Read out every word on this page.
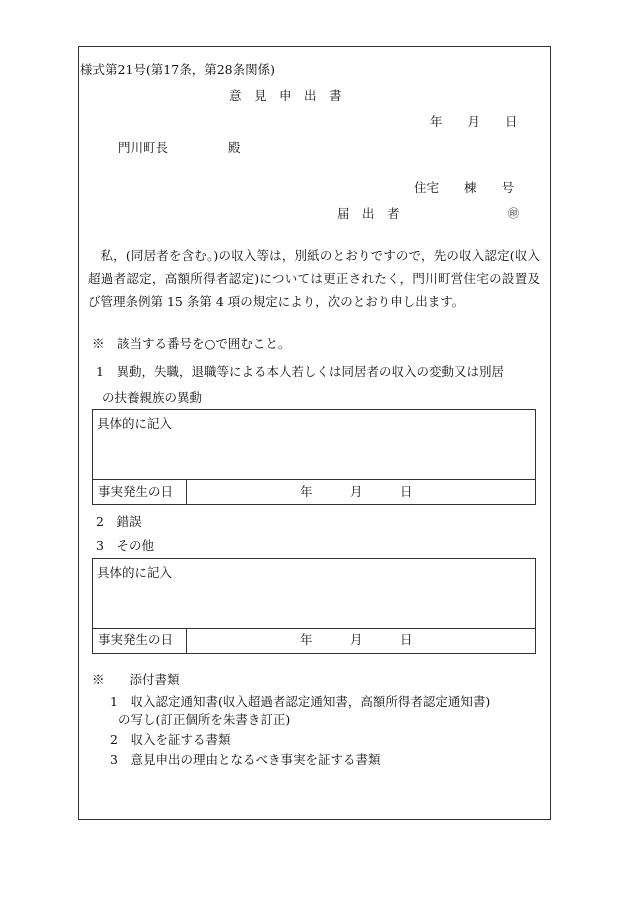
様式第21号(第17条，第28条関係)
意　見　申　出　書
年　　月　　日
門川町長	殿
住宅　　棟　　号
届　出　者	㊞

私，(同居者を含む。)の収入等は，別紙のとおりですので，先の収入認定(収入超過者認定，高額所得者認定)については更正されたく，門川町営住宅の設置及び管理条例第 15 条第 4 項の規定により，次のとおり申し出ます。

※　該当する番号を○で囲むこと。
1　異動，失職，退職等による本人若しくは同居者の収入の変動又は別居
の扶養親族の異動
具体的に記入
事実発生の日	年　　　月　　　日
2　錯誤
3　その他
具体的に記入
事実発生の日	年　　　月　　　日
※　　添付書類
1　収入認定通知書(収入超過者認定通知書，高額所得者認定通知書)
の写し(訂正個所を朱書き訂正)
2　収入を証する書類
3　意見申出の理由となるべき事実を証する書類
